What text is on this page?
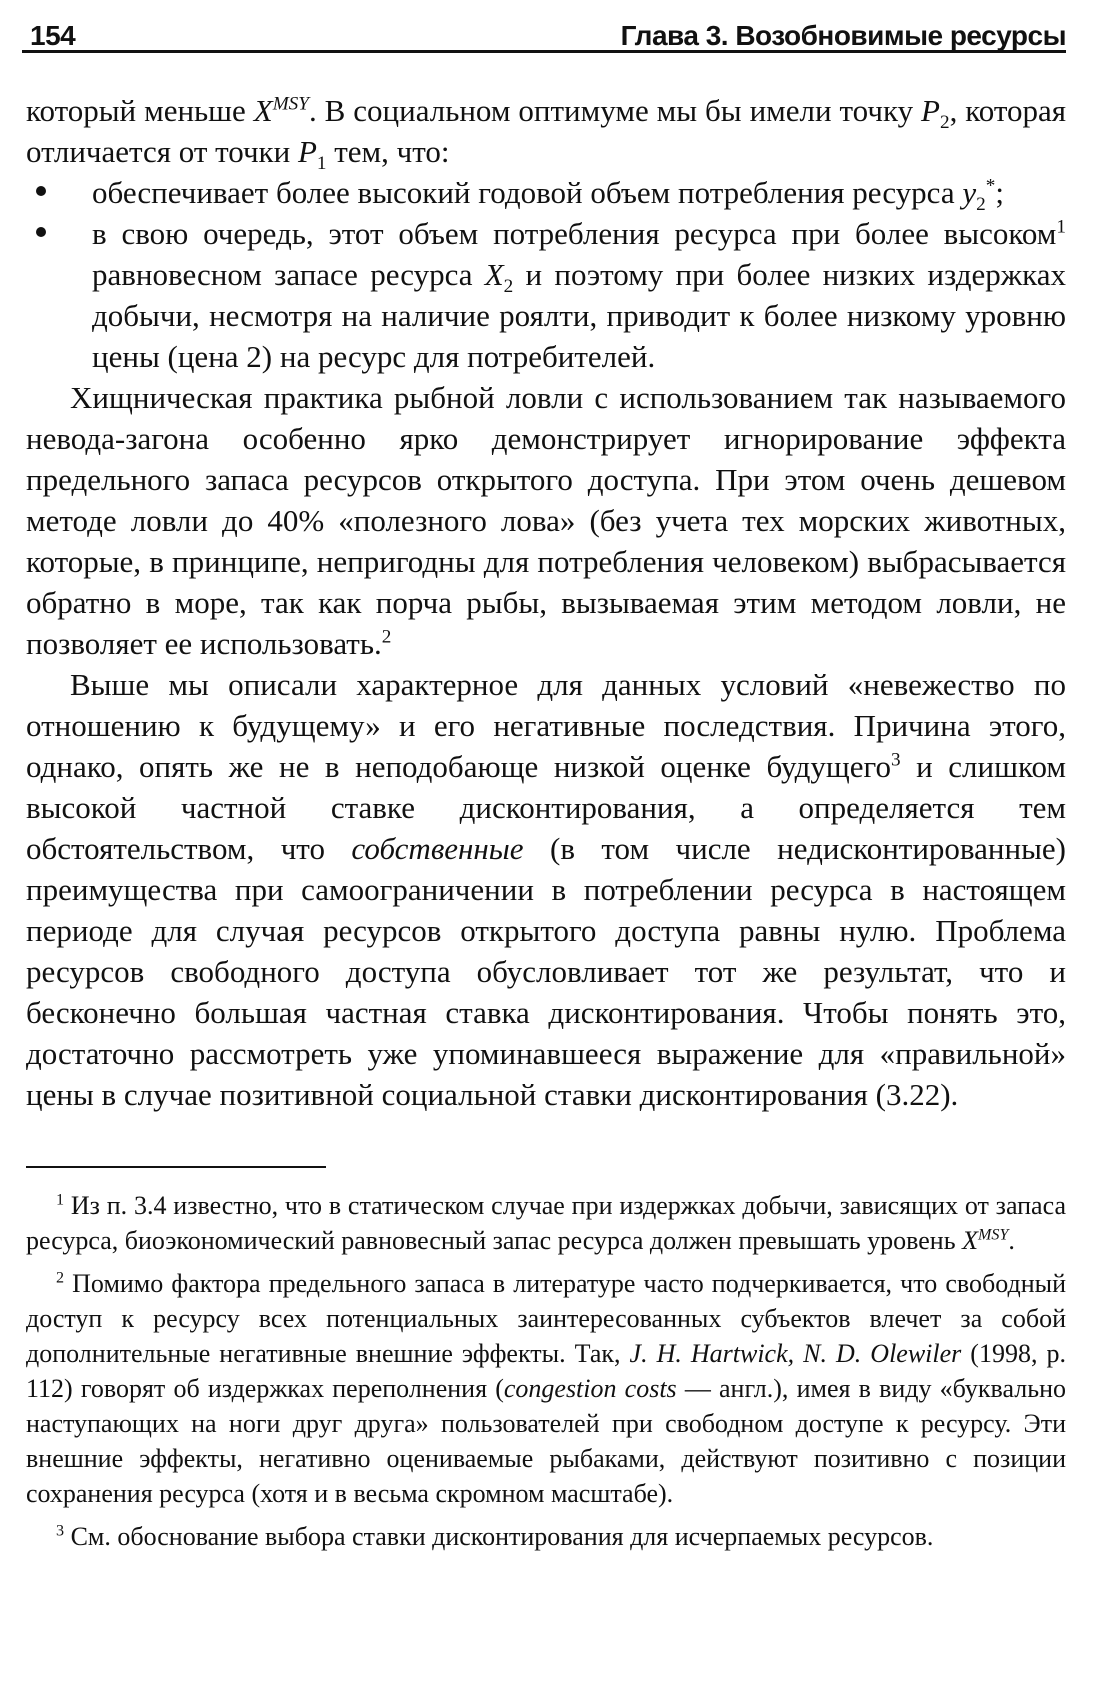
154	Глава 3. Возобновимые ресурсы

который меньше $X^{MSY}$. В социальном оптимуме мы бы имели точку $P_2$, которая отличается от точки $P_1$ тем, что:

обеспечивает более высокий годовой объем потребления ресурса $y_2^*$;
в свою очередь, этот объем потребления ресурса при более высоком$^1$ равновесном запасе ресурса $X_2$ и поэтому при более низких издержках добычи, несмотря на наличие роялти, приводит к более низкому уровню цены (цена 2) на ресурс для потребителей.

Хищническая практика рыбной ловли с использованием так называемого невода-загона особенно ярко демонстрирует игнорирование эффекта предельного запаса ресурсов открытого доступа. При этом очень дешевом методе ловли до 40% «полезного лова» (без учета тех морских животных, которые, в принципе, непригодны для потребления человеком) выбрасывается обратно в море, так как порча рыбы, вызываемая этим методом ловли, не позволяет ее использовать.$^2$

Выше мы описали характерное для данных условий «невежество по отношению к будущему» и его негативные последствия. Причина этого, однако, опять же не в неподобающе низкой оценке будущего$^3$ и слишком высокой частной ставке дисконтирования, а определяется тем обстоятельством, что собственные (в том числе недисконтированные) преимущества при самоограничении в потреблении ресурса в настоящем периоде для случая ресурсов открытого доступа равны нулю. Проблема ресурсов свободного доступа обусловливает тот же результат, что и бесконечно большая частная ставка дисконтирования. Чтобы понять это, достаточно рассмотреть уже упоминавшееся выражение для «правильной» цены в случае позитивной социальной ставки дисконтирования (3.22).

$^1$ Из п. 3.4 известно, что в статическом случае при издержках добычи, зависящих от запаса ресурса, биоэкономический равновесный запас ресурса должен превышать уровень $X^{MSY}$.

$^2$ Помимо фактора предельного запаса в литературе часто подчеркивается, что свободный доступ к ресурсу всех потенциальных заинтересованных субъектов влечет за собой дополнительные негативные внешние эффекты. Так, J. H. Hartwick, N. D. Olewiler (1998, p. 112) говорят об издержках переполнения (congestion costs — англ.), имея в виду «буквально наступающих на ноги друг друга» пользователей при свободном доступе к ресурсу. Эти внешние эффекты, негативно оцениваемые рыбаками, действуют позитивно с позиции сохранения ресурса (хотя и в весьма скромном масштабе).

$^3$ См. обоснование выбора ставки дисконтирования для исчерпаемых ресурсов.
